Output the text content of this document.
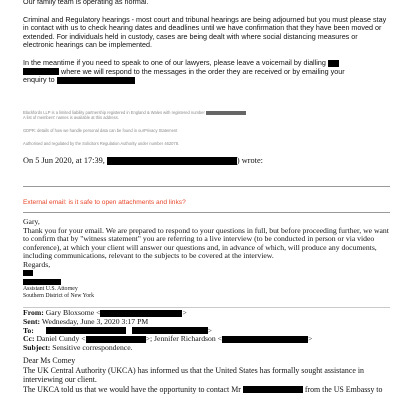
Our family team is operating as normal.

Criminal and Regulatory hearings - most court and tribunal hearings are being adjourned but you must please stay in contact with us to check hearing dates and deadlines until we have confirmation that they have been moved or extended. For individuals held in custody, cases are being dealt with where social distancing measures or electronic hearings can be implemented.

In the meantime if you need to speak to one of our lawyers, please leave a voicemail by dialling
where we will respond to the messages in the order they are received or by emailing your
enquiry to

Blackfords LLP is a limited liability partnership registered in England & Wales with registered number

A list of members' names is available at this address.

GDPR: details of how we handle personal data can be found in ourPrivacy Statement

Authorised and regulated by the Solicitors Regulation Authority under number 462078.

On 5 Jun 2020, at 17:39,	) wrote:
External email: is it safe to open attachments and links?

Gary,

Thank you for your email. We are prepared to respond to your questions in full, but before proceeding further, we want to confirm that by "witness statement" you are referring to a live interview (to be conducted in person or via video conference), at which your client will answer our questions and, in advance of which, will produce any documents, including communications, relevant to the subjects to be covered at the interview.

Regards,

Assistant U.S. Attorney

Southern District of New York

From: Gary Bloxsome <	>

Sent: Wednesday, June 3, 2020 3:17 PM

To:	>

Cc: Daniel Cundy <	>; Jennifer Richardson <	>

Subject: Sensitive correspondence.

Dear Ms Comey

The UK Central Authority (UKCA) has informed us that the United States has formally sought assistance in interviewing our client.

The UKCA told us that we would have the opportunity to contact Mr	from the US Embassy to
